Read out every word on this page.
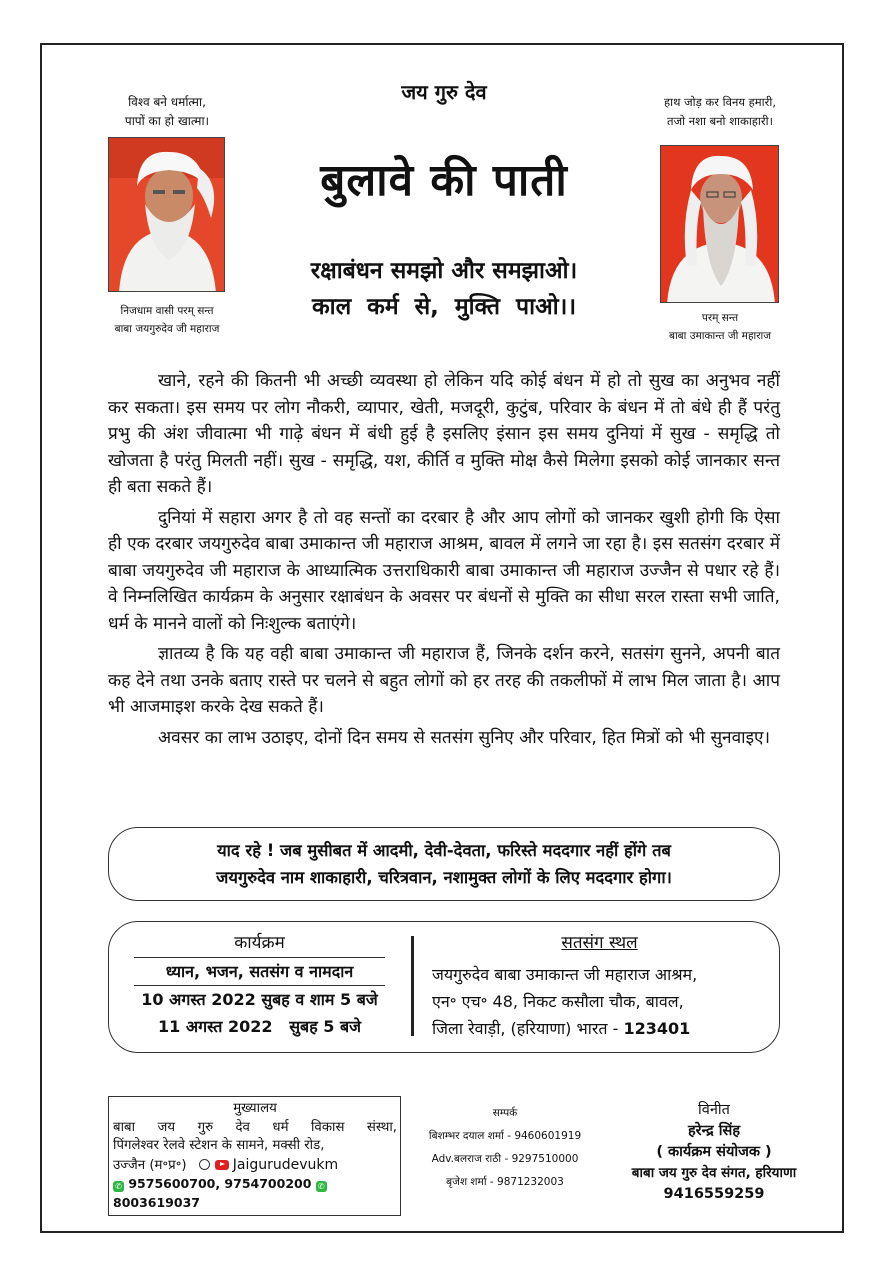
जय गुरु देव
बुलावे की पाती
रक्षाबंधन समझो और समझाओ।
काल कर्म से, मुक्ति पाओ।।
विश्व बने धर्मात्मा,
पापों का हो खात्मा।
निजधाम वासी परम् सन्त
बाबा जयगुरुदेव जी महाराज
हाथ जोड़ कर विनय हमारी,
तजो नशा बनो शाकाहारी।
परम् सन्त
बाबा उमाकान्त जी महाराज

खाने, रहने की कितनी भी अच्छी व्यवस्था हो लेकिन यदि कोई बंधन में हो तो सुख का अनुभव नहीं कर सकता। इस समय पर लोग नौकरी, व्यापार, खेती, मजदूरी, कुटुंब, परिवार के बंधन में तो बंधे ही हैं परंतु प्रभु की अंश जीवात्मा भी गाढ़े बंधन में बंधी हुई है इसलिए इंसान इस समय दुनियां में सुख - समृद्धि तो खोजता है परंतु मिलती नहीं। सुख - समृद्धि, यश, कीर्ति व मुक्ति मोक्ष कैसे मिलेगा इसको कोई जानकार सन्त ही बता सकते हैं।

दुनियां में सहारा अगर है तो वह सन्तों का दरबार है और आप लोगों को जानकर खुशी होगी कि ऐसा ही एक दरबार जयगुरुदेव बाबा उमाकान्त जी महाराज आश्रम, बावल में लगने जा रहा है। इस सतसंग दरबार में बाबा जयगुरुदेव जी महाराज के आध्यात्मिक उत्तराधिकारी बाबा उमाकान्त जी महाराज उज्जैन से पधार रहे हैं। वे निम्नलिखित कार्यक्रम के अनुसार रक्षाबंधन के अवसर पर बंधनों से मुक्ति का सीधा सरल रास्ता सभी जाति, धर्म के मानने वालों को निःशुल्क बताएंगे।

ज्ञातव्य है कि यह वही बाबा उमाकान्त जी महाराज हैं, जिनके दर्शन करने, सतसंग सुनने, अपनी बात कह देने तथा उनके बताए रास्ते पर चलने से बहुत लोगों को हर तरह की तकलीफों में लाभ मिल जाता है। आप भी आजमाइश करके देख सकते हैं।

अवसर का लाभ उठाइए, दोनों दिन समय से सतसंग सुनिए और परिवार, हित मित्रों को भी सुनवाइए।

याद रहे ! जब मुसीबत में आदमी, देवी-देवता, फरिस्ते मददगार नहीं होंगे तब
जयगुरुदेव नाम शाकाहारी, चरित्रवान, नशामुक्त लोगों के लिए मददगार होगा।
कार्यक्रम
ध्यान, भजन, सतसंग व नामदान
10 अगस्त 2022 सुबह व शाम 5 बजे
11 अगस्त 2022   सुबह 5 बजे
सतसंग स्थल
जयगुरुदेव बाबा उमाकान्त जी महाराज आश्रम,
एन॰ एच॰ 48, निकट कसौला चौक, बावल,
जिला रेवाड़ी, (हरियाणा) भारत - 123401
मुख्यालय
बाबा जय गुरु देव धर्म विकास संस्था,
पिंगलेश्वर रेलवे स्टेशन के सामने, मक्सी रोड,
उज्जैन (म॰प्र॰)	Jaigurudevukm
✆ 9575600700, 9754700200 ✆ 8003619037
सम्पर्क
बिशम्भर दयाल शर्मा - 9460601919
Adv.बलराज राठी - 9297510000
बृजेश शर्मा - 9871232003
विनीत
हरेन्द्र सिंह
( कार्यक्रम संयोजक )
बाबा जय गुरु देव संगत, हरियाणा
9416559259
